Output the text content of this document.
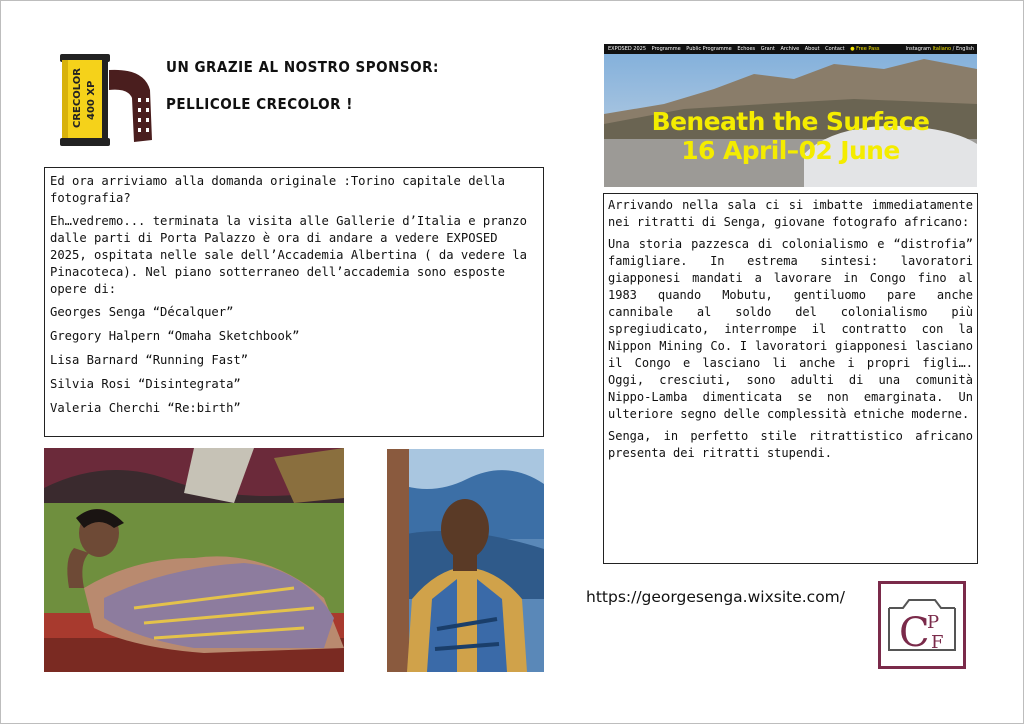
CRECOLOR 400 XP
UN GRAZIE AL NOSTRO SPONSOR:
PELLICOLE CRECOLOR !

Ed ora arriviamo alla domanda originale :Torino capitale della fotografia?

Eh…vedremo... terminata la visita alle Gallerie d’Italia e pranzo dalle parti di Porta Palazzo è ora di andare a vedere EXPOSED 2025, ospitata nelle sale dell’Accademia Albertina ( da vedere la Pinacoteca). Nel piano sotterraneo dell’accademia sono esposte opere di:

Georges Senga “Décalquer”

Gregory Halpern “Omaha Sketchbook”

Lisa Barnard “Running Fast”

Silvia Rosi “Disintegrata”

Valeria Cherchi “Re:birth”

EXPOSED 2025 Programme Public Programme Echoes Grant Archive About Contact ● Free Pass	Instagram Italiano / English
Beneath the Surface
16 April–02 June

Arrivando nella sala ci si imbatte immediatamente nei ritratti di Senga, giovane fotografo africano:

Una storia pazzesca di colonialismo e “distrofia” famigliare. In estrema sintesi: lavoratori giapponesi mandati a lavorare in Congo fino al 1983 quando Mobutu, gentiluomo pare anche cannibale al soldo del colonialismo più spregiudicato, interrompe il contratto con la Nippon Mining Co. I lavoratori giapponesi lasciano il Congo e lasciano li anche i propri figli…. Oggi, cresciuti, sono adulti di una comunità Nippo-Lamba dimenticata se non emarginata. Un ulteriore segno delle complessità etniche moderne.

Senga, in perfetto stile ritrattistico africano presenta dei ritratti stupendi.

https://georgesenga.wixsite.com/
C
P
F
